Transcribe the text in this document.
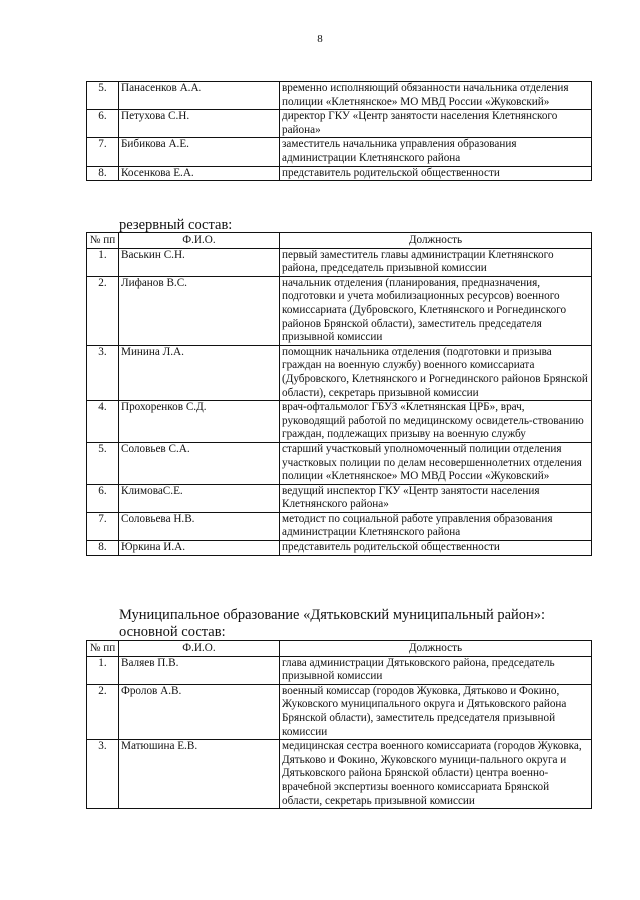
8
5.	Панасенков А.А.	временно исполняющий обязанности начальника отделения полиции «Клетнянское» МО МВД России «Жуковский»
6.	Петухова С.Н.	директор ГКУ «Центр занятости населения Клетнянского района»
7.	Бибикова А.Е.	заместитель начальника управления образования администрации Клетнянского района
8.	Косенкова Е.А.	представитель родительской общественности
резервный состав:
№ пп	Ф.И.О.	Должность
1.	Васькин С.Н.	первый заместитель главы администрации Клетнянского района, председатель призывной комиссии
2.	Лифанов В.С.	начальник отделения (планирования, предназначения, подготовки и учета мобилизационных ресурсов) военного комиссариата (Дубровского, Клетнянского и Рогнединского районов Брянской области), заместитель председателя призывной комиссии
3.	Минина Л.А.	помощник начальника отделения (подготовки и призыва граждан на военную службу) военного комиссариата (Дубровского, Клетнянского и Рогнединского районов Брянской области), секретарь призывной комиссии
4.	Прохоренков С.Д.	врач-офтальмолог ГБУЗ «Клетнянская ЦРБ», врач, руководящий работой по медицинскому освидетель-ствованию граждан, подлежащих призыву на военную службу
5.	Соловьев С.А.	старший участковый уполномоченный полиции отделения участковых полиции по делам несовершеннолетних отделения полиции «Клетнянское» МО МВД России «Жуковский»
6.	КлимоваС.Е.	ведущий инспектор ГКУ «Центр занятости населения Клетнянского района»
7.	Соловьева Н.В.	методист по социальной работе управления образования администрации Клетнянского района
8.	Юркина И.А.	представитель родительской общественности
Муниципальное образование «Дятьковский муниципальный район»:
основной состав:
№ пп	Ф.И.О.	Должность
1.	Валяев П.В.	глава администрации Дятьковского района, председатель призывной комиссии
2.	Фролов А.В.	военный комиссар (городов Жуковка, Дятьково и Фокино, Жуковского муниципального округа и Дятьковского района Брянской области), заместитель председателя призывной комиссии
3.	Матюшина Е.В.	медицинская сестра военного комиссариата (городов Жуковка, Дятьково и Фокино, Жуковского муници-пального округа и Дятьковского района Брянской области) центра военно-врачебной экспертизы военного комиссариата Брянской области, секретарь призывной комиссии
